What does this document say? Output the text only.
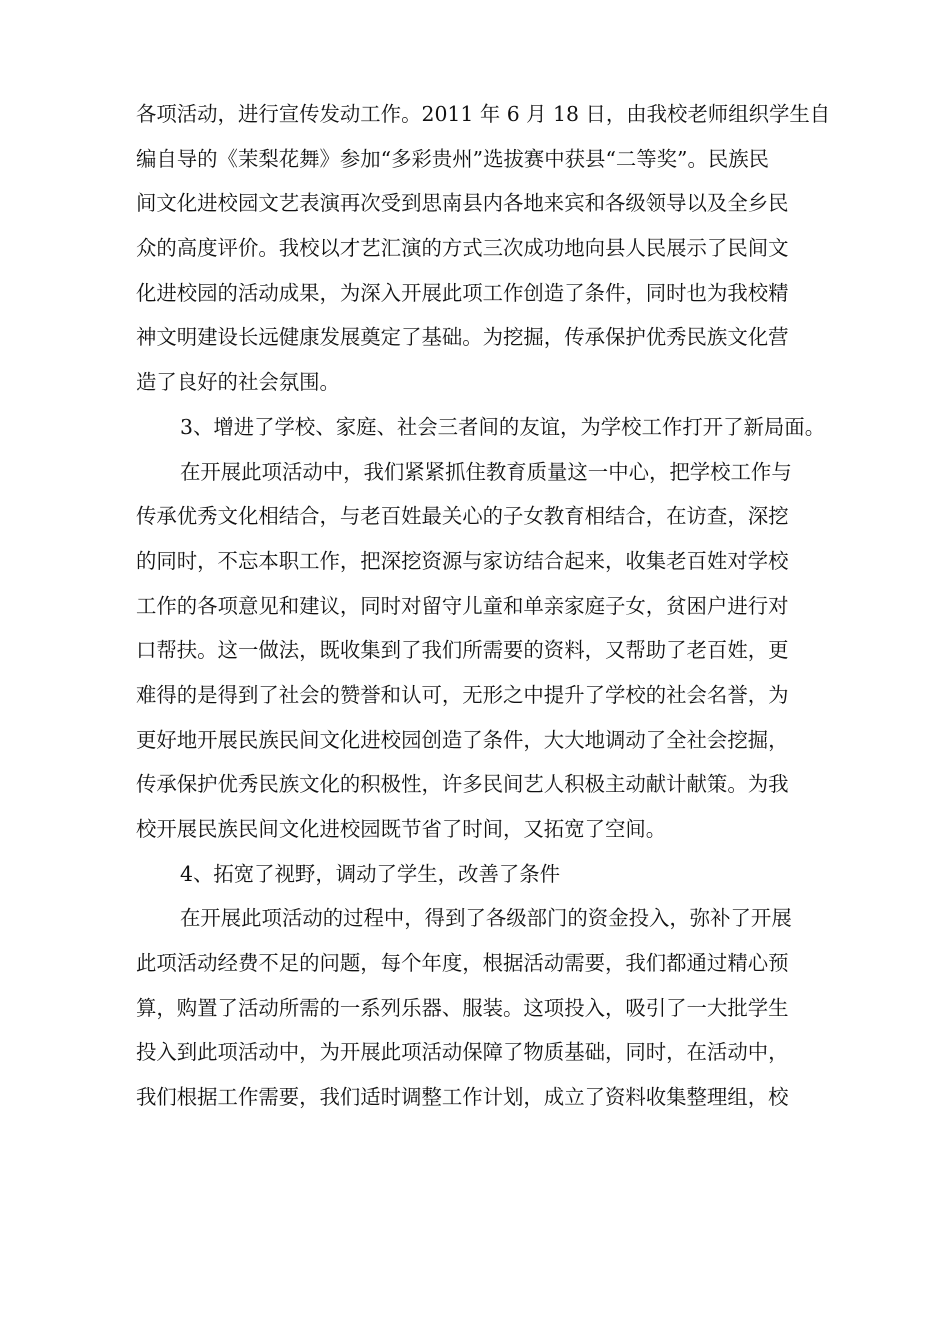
各项活动，进行宣传发动工作。2011 年 6 月 18 日，由我校老师组织学生自
编自导的《茉梨花舞》参加“多彩贵州”选拔赛中获县“二等奖”。民族民
间文化进校园文艺表演再次受到思南县内各地来宾和各级领导以及全乡民
众的高度评价。我校以才艺汇演的方式三次成功地向县人民展示了民间文
化进校园的活动成果，为深入开展此项工作创造了条件，同时也为我校精
神文明建设长远健康发展奠定了基础。为挖掘，传承保护优秀民族文化营
造了良好的社会氛围。
3、增进了学校、家庭、社会三者间的友谊，为学校工作打开了新局面。
在开展此项活动中，我们紧紧抓住教育质量这一中心，把学校工作与
传承优秀文化相结合，与老百姓最关心的子女教育相结合，在访查，深挖
的同时，不忘本职工作，把深挖资源与家访结合起来，收集老百姓对学校
工作的各项意见和建议，同时对留守儿童和单亲家庭子女，贫困户进行对
口帮扶。这一做法，既收集到了我们所需要的资料，又帮助了老百姓，更
难得的是得到了社会的赞誉和认可，无形之中提升了学校的社会名誉，为
更好地开展民族民间文化进校园创造了条件，大大地调动了全社会挖掘，
传承保护优秀民族文化的积极性，许多民间艺人积极主动献计献策。为我
校开展民族民间文化进校园既节省了时间，又拓宽了空间。
4、拓宽了视野，调动了学生，改善了条件
在开展此项活动的过程中，得到了各级部门的资金投入，弥补了开展
此项活动经费不足的问题，每个年度，根据活动需要，我们都通过精心预
算，购置了活动所需的一系列乐器、服装。这项投入，吸引了一大批学生
投入到此项活动中，为开展此项活动保障了物质基础，同时，在活动中，
我们根据工作需要，我们适时调整工作计划，成立了资料收集整理组，校
